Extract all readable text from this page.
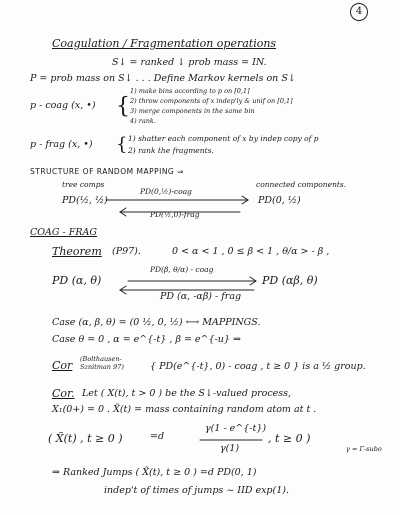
4
Coagulation / Fragmentation operations
S↓ = ranked ↓ prob mass = IN.
P = prob mass on S↓ . . . Define Markov kernels on S↓
p - coag (x, •) {
1) make bins according to p on [0,1]
2) throw components of x indep'ly & unif on [0,1]
3) merge components in the same bin
4) rank.
p - frag (x, •) { 1) shatter each component of x by indep copy of p
2) rank the fragments.
STRUCTURE OF RANDOM MAPPING ⇒
tree comps	connected components.
PD(½, ½)
PD(0,½)-coag
PD(0, ½)
PD(½,0)-frag
COAG - FRAG
Theorem (P97).	0 < α < 1 , 0 ≤ β < 1 , θ/α > - β ,
PD (α, θ)
PD(β, θ/α) - coag
PD (αβ, θ)
PD (α, -αβ) - frag
Case (α, β, θ) = (0 ½, 0, ½) ⟷ MAPPINGS.
Case θ = 0 , α = e^{-t} , β = e^{-u} ⇒
Cor (Bolthausen-Sznitman 97)	{ PD(e^{-t}, 0) - coag , t ≥ 0 } is a ½ group.
Cor. Let ( X(t), t > 0 ) be the S↓-valued process,
X₁(0+) = 0 . X̃(t) = mass containing random atom at t .
( X̃(t) , t ≥ 0 )	=d
γ(1 - e^{-t})
γ(1)
, t ≥ 0 )
γ = Γ-subo
⇒ Ranked Jumps ( X̃(t), t ≥ 0 ) =d PD(0, 1)
indep't of times of jumps ~ IID exp(1).
